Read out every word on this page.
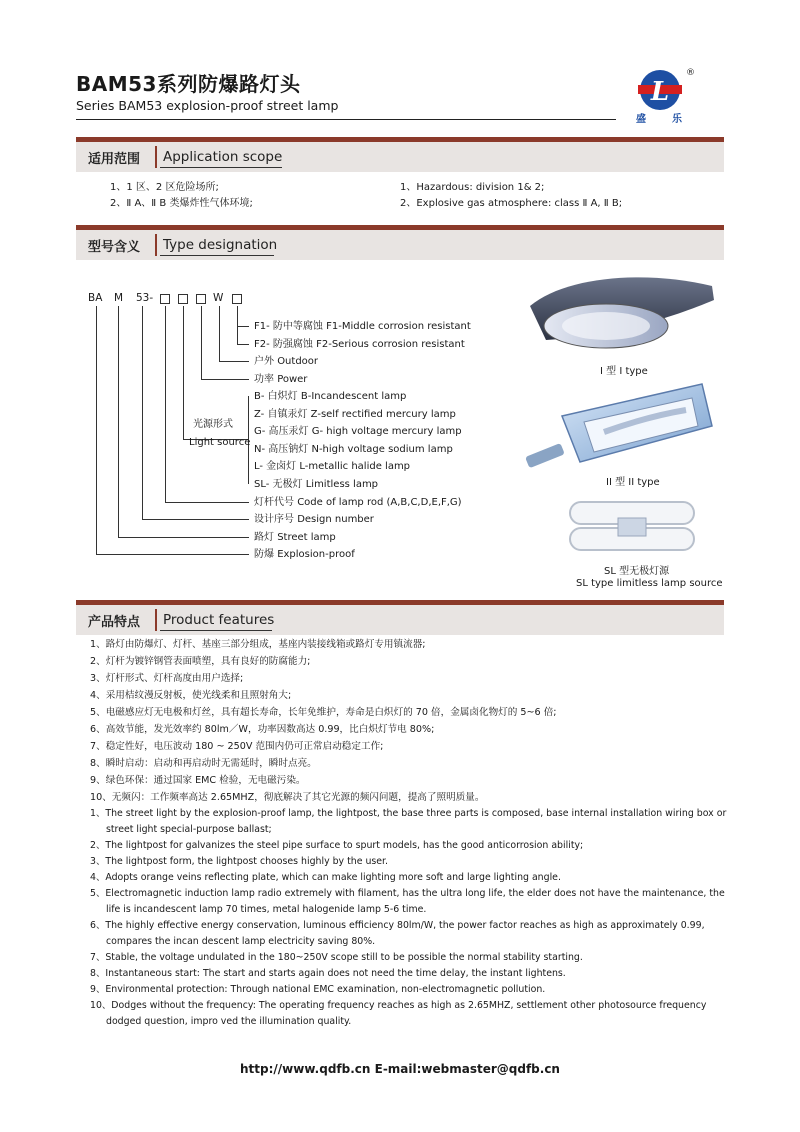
BAM53系列防爆路灯头
Series BAM53 explosion-proof street lamp	L
®
盛	乐
适用范围 Application scope
1、1 区、2 区危险场所;
2、Ⅱ A、Ⅱ B 类爆炸性气体环境;
1、Hazardous: division 1& 2;
2、Explosive gas atmosphere: class Ⅱ A, Ⅱ B;
型号含义 Type designation
BA M 53-	W
光源形式
Light source
F1- 防中等腐蚀 F1-Middle corrosion resistant
F2- 防强腐蚀 F2-Serious corrosion resistant
户外 Outdoor
功率 Power
B- 白炽灯 B-Incandescent lamp
Z- 自镇汞灯 Z-self rectified mercury lamp
G- 高压汞灯 G- high voltage mercury lamp
N- 高压钠灯 N-high voltage sodium lamp
L- 金卤灯 L-metallic halide lamp
SL- 无极灯 Limitless lamp
灯杆代号 Code of lamp rod (A,B,C,D,E,F,G)
设计序号 Design number
路灯 Street lamp
防爆 Explosion-proof
I 型 I type
II 型 II type
SL 型无极灯源
SL type limitless lamp source
产品特点 Product features
1、路灯由防爆灯、灯杆、基座三部分组成，基座内装接线箱或路灯专用镇流器;
2、灯杆为镀锌钢管表面喷塑，具有良好的防腐能力;
3、灯杆形式、灯杆高度由用户选择;
4、采用桔纹漫反射板，使光线柔和且照射角大;
5、电磁感应灯无电极和灯丝，具有超长寿命，长年免维护，寿命是白炽灯的 70 倍，金属卤化物灯的 5~6 倍;
6、高效节能，发光效率约 80lm／W，功率因数高达 0.99，比白炽灯节电 80%;
7、稳定性好，电压波动 180 ~ 250V 范围内仍可正常启动稳定工作;
8、瞬时启动：启动和再启动时无需延时，瞬时点亮。
9、绿色环保：通过国家 EMC 检验，无电磁污染。
10、无频闪：工作频率高达 2.65MHZ，彻底解决了其它光源的频闪问题，提高了照明质量。
1、The street light by the explosion-proof lamp, the lightpost, the base three parts is composed, base internal installation wiring box or
street light special-purpose ballast;
2、The lightpost for galvanizes the steel pipe surface to spurt models, has the good anticorrosion ability;
3、The lightpost form, the lightpost chooses highly by the user.
4、Adopts orange veins reflecting plate, which can make lighting more soft and large lighting angle.
5、Electromagnetic induction lamp radio extremely with filament, has the ultra long life, the elder does not have the maintenance, the
life is incandescent lamp 70 times, metal halogenide lamp 5-6 time.
6、The highly effective energy conservation, luminous efficiency 80lm/W, the power factor reaches as high as approximately 0.99,
compares the incan descent lamp electricity saving 80%.
7、Stable, the voltage undulated in the 180~250V scope still to be possible the normal stability starting.
8、Instantaneous start: The start and starts again does not need the time delay, the instant lightens.
9、Environmental protection: Through national EMC examination, non-electromagnetic pollution.
10、Dodges without the frequency: The operating frequency reaches as high as 2.65MHZ, settlement other photosource frequency
dodged question, impro ved the illumination quality.
http://www.qdfb.cn E-mail:webmaster@qdfb.cn
